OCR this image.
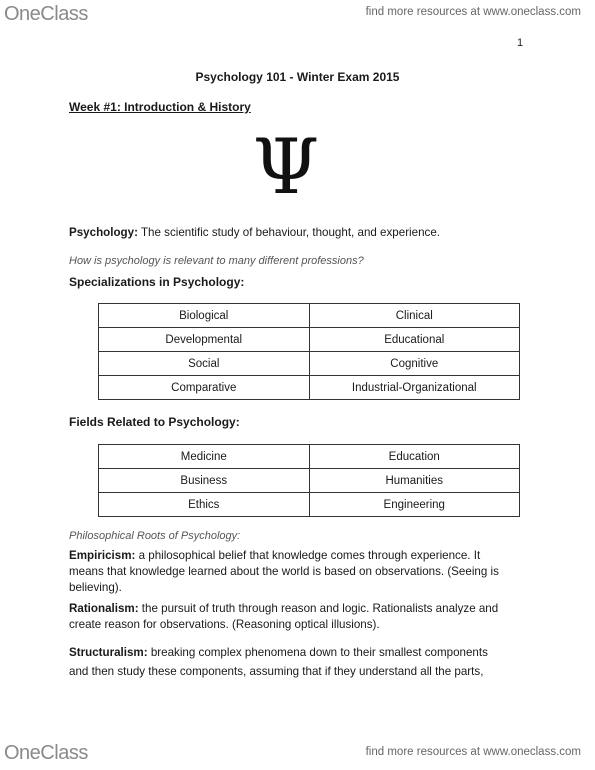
OneClass	find more resources at www.oneclass.com
1
Psychology 101 - Winter Exam 2015
Week #1: Introduction & History
Ψ
Psychology: The scientific study of behaviour, thought, and experience.
How is psychology is relevant to many different professions?
Specializations in Psychology:
Biological	Clinical
Developmental	Educational
Social	Cognitive
Comparative	Industrial-Organizational
Fields Related to Psychology:
Medicine	Education
Business	Humanities
Ethics	Engineering
Philosophical Roots of Psychology:
Empiricism: a philosophical belief that knowledge comes through experience. It means that knowledge learned about the world is based on observations. (Seeing is believing).
Rationalism: the pursuit of truth through reason and logic. Rationalists analyze and create reason for observations. (Reasoning optical illusions).
Structuralism: breaking complex phenomena down to their smallest components and then study these components, assuming that if they understand all the parts,
OneClass	find more resources at www.oneclass.com
